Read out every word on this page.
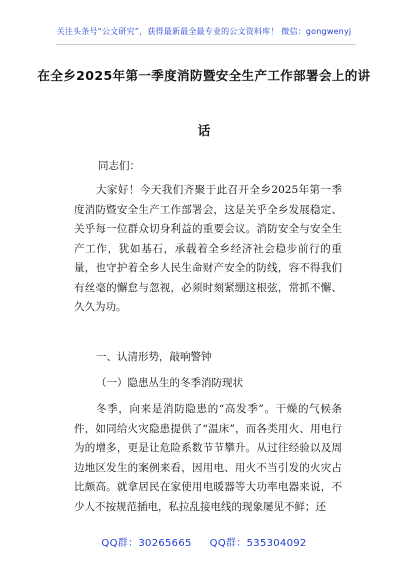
关注头条号“公文研究”，获得最新最全最专业的公文资料库！ 微信：gongwenyj
在全乡2025年第一季度消防暨安全生产工作部署会上的讲
话
同志们：
大家好！今天我们齐聚于此召开全乡2025年第一季度消防暨安全生产工作部署会，这是关乎全乡发展稳定、关乎每一位群众切身利益的重要会议。消防安全与安全生产工作，犹如基石，承载着全乡经济社会稳步前行的重量，也守护着全乡人民生命财产安全的防线，容不得我们有丝毫的懈怠与忽视，必须时刻紧绷这根弦，常抓不懈、久久为功。
一、认清形势，敲响警钟
（一）隐患丛生的冬季消防现状
冬季，向来是消防隐患的“高发季”。干燥的气候条件，如同给火灾隐患提供了“温床”，而各类用火、用电行为的增多，更是让危险系数节节攀升。从过往经验以及周边地区发生的案例来看，因用电、用火不当引发的火灾占比颇高。就拿居民在家使用电暖器等大功率电器来说，不少人不按规范插电，私拉乱接电线的现象屡见不鲜；还
QQ群：30265665 QQ群：535304092
